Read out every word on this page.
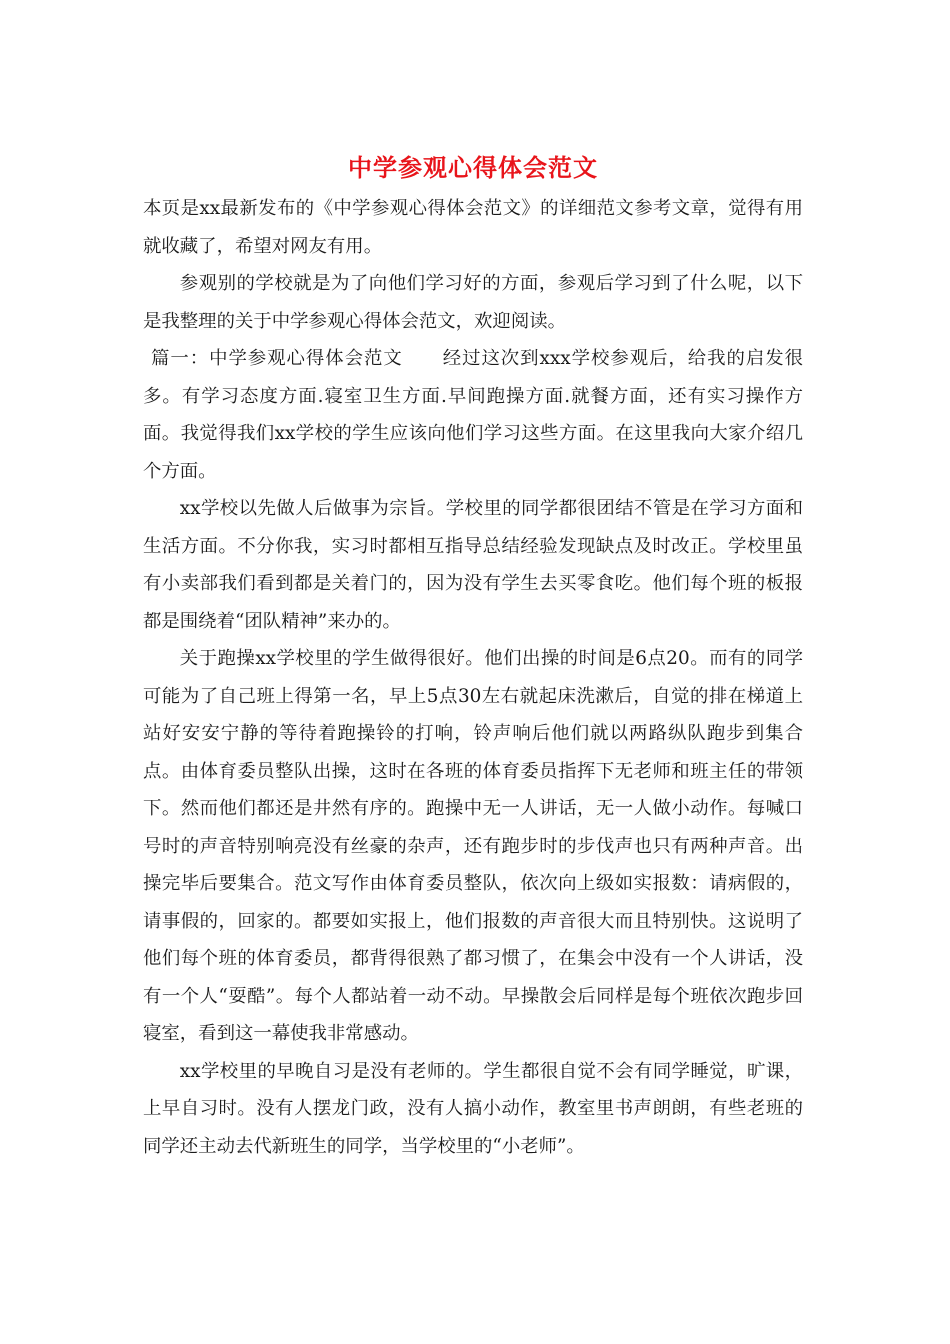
中学参观心得体会范文

本页是xx最新发布的《中学参观心得体会范文》的详细范文参考文章，觉得有用就收藏了，希望对网友有用。

参观别的学校就是为了向他们学习好的方面，参观后学习到了什么呢，以下是我整理的关于中学参观心得体会范文，欢迎阅读。

篇一：中学参观心得体会范文 经过这次到xxx学校参观后，给我的启发很多。有学习态度方面.寝室卫生方面.早间跑操方面.就餐方面，还有实习操作方面。我觉得我们xx学校的学生应该向他们学习这些方面。在这里我向大家介绍几个方面。

xx学校以先做人后做事为宗旨。学校里的同学都很团结不管是在学习方面和生活方面。不分你我，实习时都相互指导总结经验发现缺点及时改正。学校里虽有小卖部我们看到都是关着门的，因为没有学生去买零食吃。他们每个班的板报都是围绕着“团队精神”来办的。

关于跑操xx学校里的学生做得很好。他们出操的时间是6点20。而有的同学可能为了自己班上得第一名，早上5点30左右就起床洗漱后，自觉的排在梯道上站好安安宁静的等待着跑操铃的打响，铃声响后他们就以两路纵队跑步到集合点。由体育委员整队出操，这时在各班的体育委员指挥下无老师和班主任的带领下。然而他们都还是井然有序的。跑操中无一人讲话，无一人做小动作。每喊口号时的声音特别响亮没有丝豪的杂声，还有跑步时的步伐声也只有两种声音。出操完毕后要集合。范文写作由体育委员整队，依次向上级如实报数：请病假的，请事假的，回家的。都要如实报上，他们报数的声音很大而且特别快。这说明了他们每个班的体育委员，都背得很熟了都习惯了，在集会中没有一个人讲话，没有一个人“耍酷”。每个人都站着一动不动。早操散会后同样是每个班依次跑步回寝室，看到这一幕使我非常感动。

xx学校里的早晚自习是没有老师的。学生都很自觉不会有同学睡觉，旷课，上早自习时。没有人摆龙门政，没有人搞小动作，教室里书声朗朗，有些老班的同学还主动去代新班生的同学，当学校里的“小老师”。
